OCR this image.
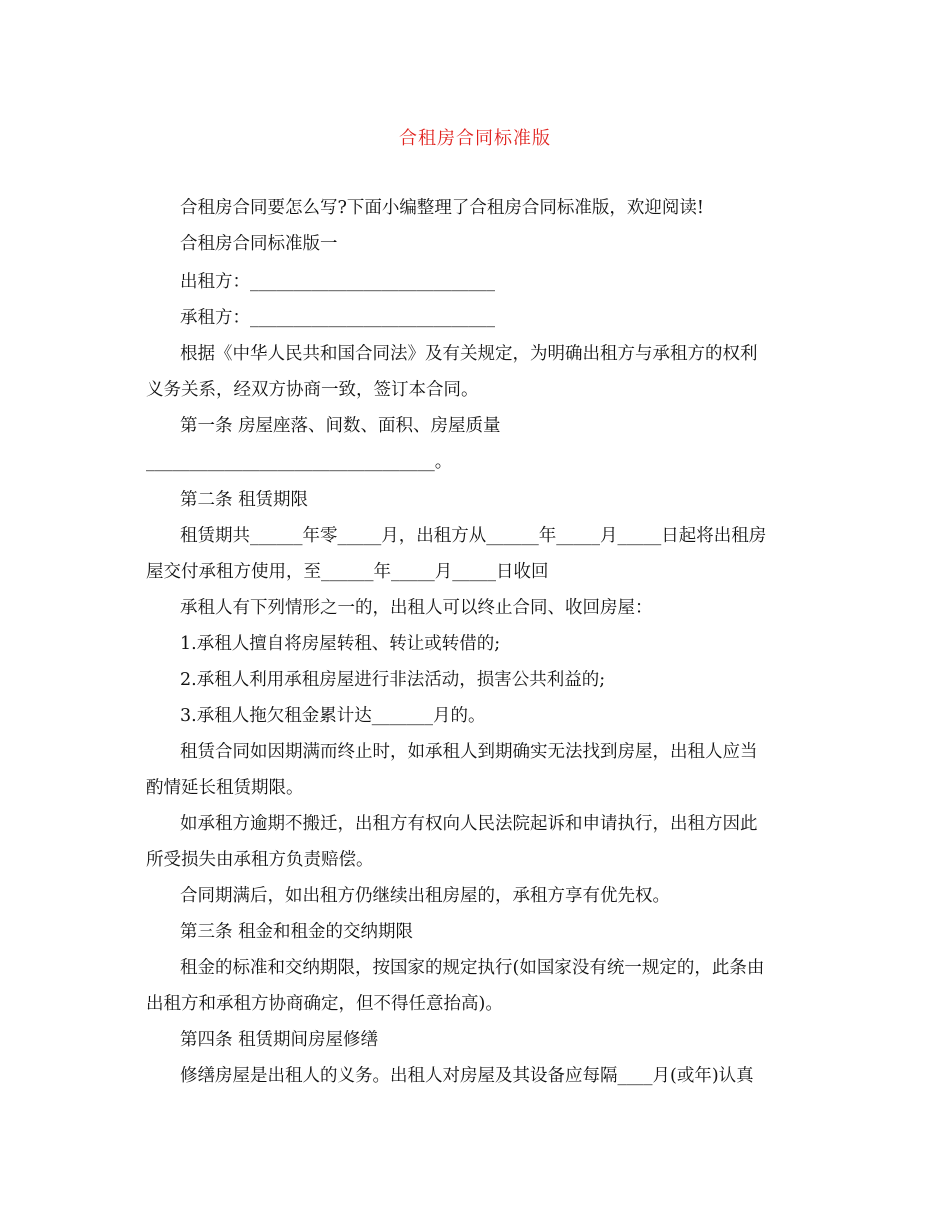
合租房合同标准版
合租房合同要怎么写?下面小编整理了合租房合同标准版，欢迎阅读!
合租房合同标准版一
出租方：____________________________
承租方：____________________________
根据《中华人民共和国合同法》及有关规定，为明确出租方与承租方的权利
义务关系，经双方协商一致，签订本合同。
第一条 房屋座落、间数、面积、房屋质量
_________________________________。
第二条 租赁期限
租赁期共______年零_____月，出租方从______年_____月_____日起将出租房
屋交付承租方使用，至______年_____月_____日收回
承租人有下列情形之一的，出租人可以终止合同、收回房屋：
1.承租人擅自将房屋转租、转让或转借的;
2.承租人利用承租房屋进行非法活动，损害公共利益的;
3.承租人拖欠租金累计达_______月的。
租赁合同如因期满而终止时，如承租人到期确实无法找到房屋，出租人应当
酌情延长租赁期限。
如承租方逾期不搬迁，出租方有权向人民法院起诉和申请执行，出租方因此
所受损失由承租方负责赔偿。
合同期满后，如出租方仍继续出租房屋的，承租方享有优先权。
第三条 租金和租金的交纳期限
租金的标准和交纳期限，按国家的规定执行(如国家没有统一规定的，此条由
出租方和承租方协商确定，但不得任意抬高)。
第四条 租赁期间房屋修缮
修缮房屋是出租人的义务。出租人对房屋及其设备应每隔____月(或年)认真
